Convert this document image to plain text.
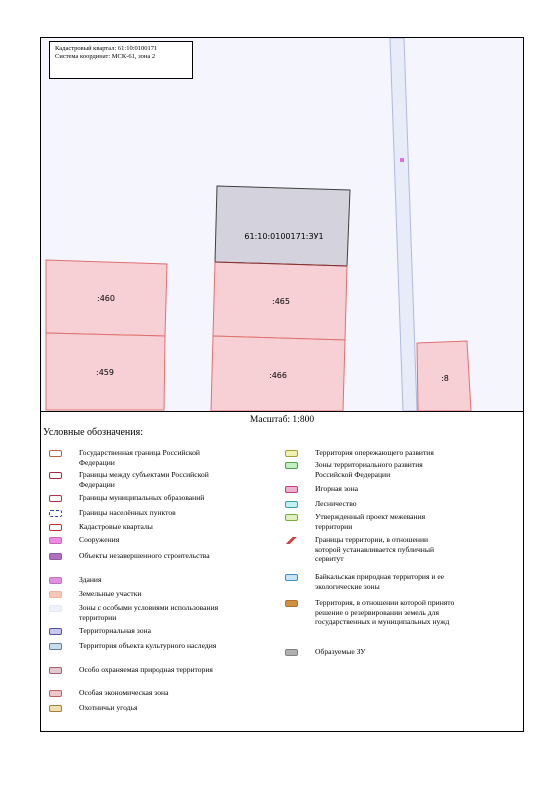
61:10:0100171:ЗУ1
:460	:465
:459	:466	:8
Кадастровый квартал: 61:10:0100171
Система координат: МСК-61, зона 2
Масштаб: 1:800
Условные обозначения:
Государственная граница Российской Федерации
Границы между субъектами Российской Федерации
Границы муниципальных образований
Границы населённых пунктов
Кадастровые кварталы
Сооружения
Объекты незавершенного строительства
Здания
Земельные участки
Зоны с особыми условиями использования территории
Территориальная зона
Территория объекта культурного наследия
Особо охраняемая природная территория
Особая экономическая зона
Охотничьи угодья
Территория опережающего развития
Зоны территориального развития Российской Федерации
Игорная зона
Лесничество
Утвержденный проект межевания территории
Границы территории, в отношении которой устанавливается публичный сервитут
Байкальская природная территория и ее экологические зоны
Территория, в отношении которой принято решение о резервировании земель для государственных и муниципальных нужд
Образуемые ЗУ
